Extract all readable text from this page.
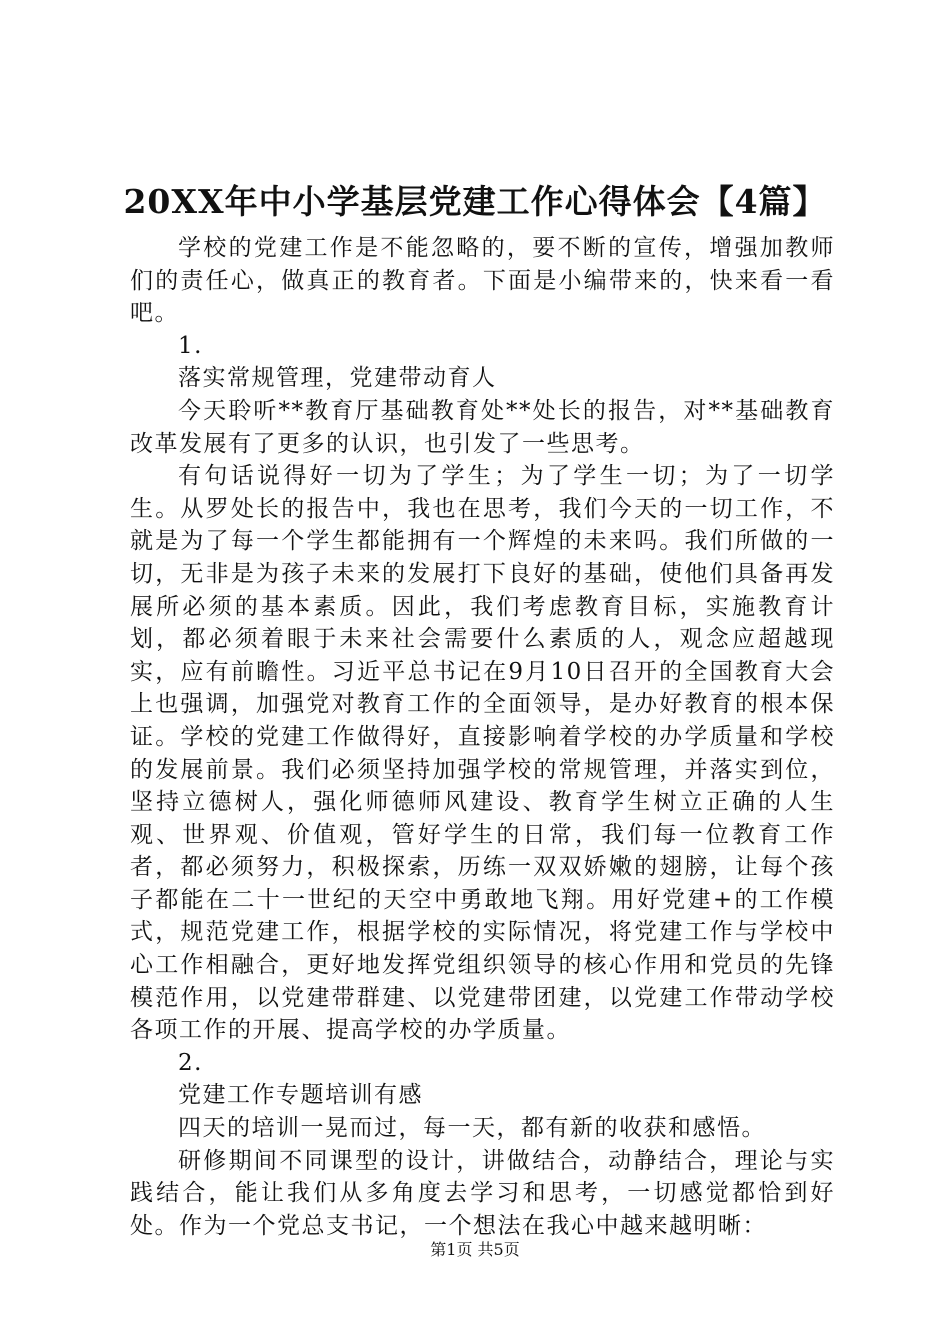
20XX年中小学基层党建工作心得体会【4篇】

学校的党建工作是不能忽略的，要不断的宣传，增强加教师们的责任心，做真正的教育者。下面是小编带来的，快来看一看吧。

1.

落实常规管理，党建带动育人

今天聆听**教育厅基础教育处**处长的报告，对**基础教育改革发展有了更多的认识，也引发了一些思考。

有句话说得好一切为了学生；为了学生一切；为了一切学生。从罗处长的报告中，我也在思考，我们今天的一切工作，不就是为了每一个学生都能拥有一个辉煌的未来吗。我们所做的一切，无非是为孩子未来的发展打下良好的基础，使他们具备再发展所必须的基本素质。因此，我们考虑教育目标，实施教育计划，都必须着眼于未来社会需要什么素质的人，观念应超越现实，应有前瞻性。习近平总书记在9月10日召开的全国教育大会上也强调，加强党对教育工作的全面领导，是办好教育的根本保证。学校的党建工作做得好，直接影响着学校的办学质量和学校的发展前景。我们必须坚持加强学校的常规管理，并落实到位，坚持立德树人，强化师德师风建设、教育学生树立正确的人生观、世界观、价值观，管好学生的日常，我们每一位教育工作者，都必须努力，积极探索，历练一双双娇嫩的翅膀，让每个孩子都能在二十一世纪的天空中勇敢地飞翔。用好党建+的工作模式，规范党建工作，根据学校的实际情况，将党建工作与学校中心工作相融合，更好地发挥党组织领导的核心作用和党员的先锋模范作用，以党建带群建、以党建带团建，以党建工作带动学校各项工作的开展、提高学校的办学质量。

2.

党建工作专题培训有感

四天的培训一晃而过，每一天，都有新的收获和感悟。

研修期间不同课型的设计，讲做结合，动静结合，理论与实践结合，能让我们从多角度去学习和思考，一切感觉都恰到好处。作为一个党总支书记，一个想法在我心中越来越明晰：

第1页 共5页
